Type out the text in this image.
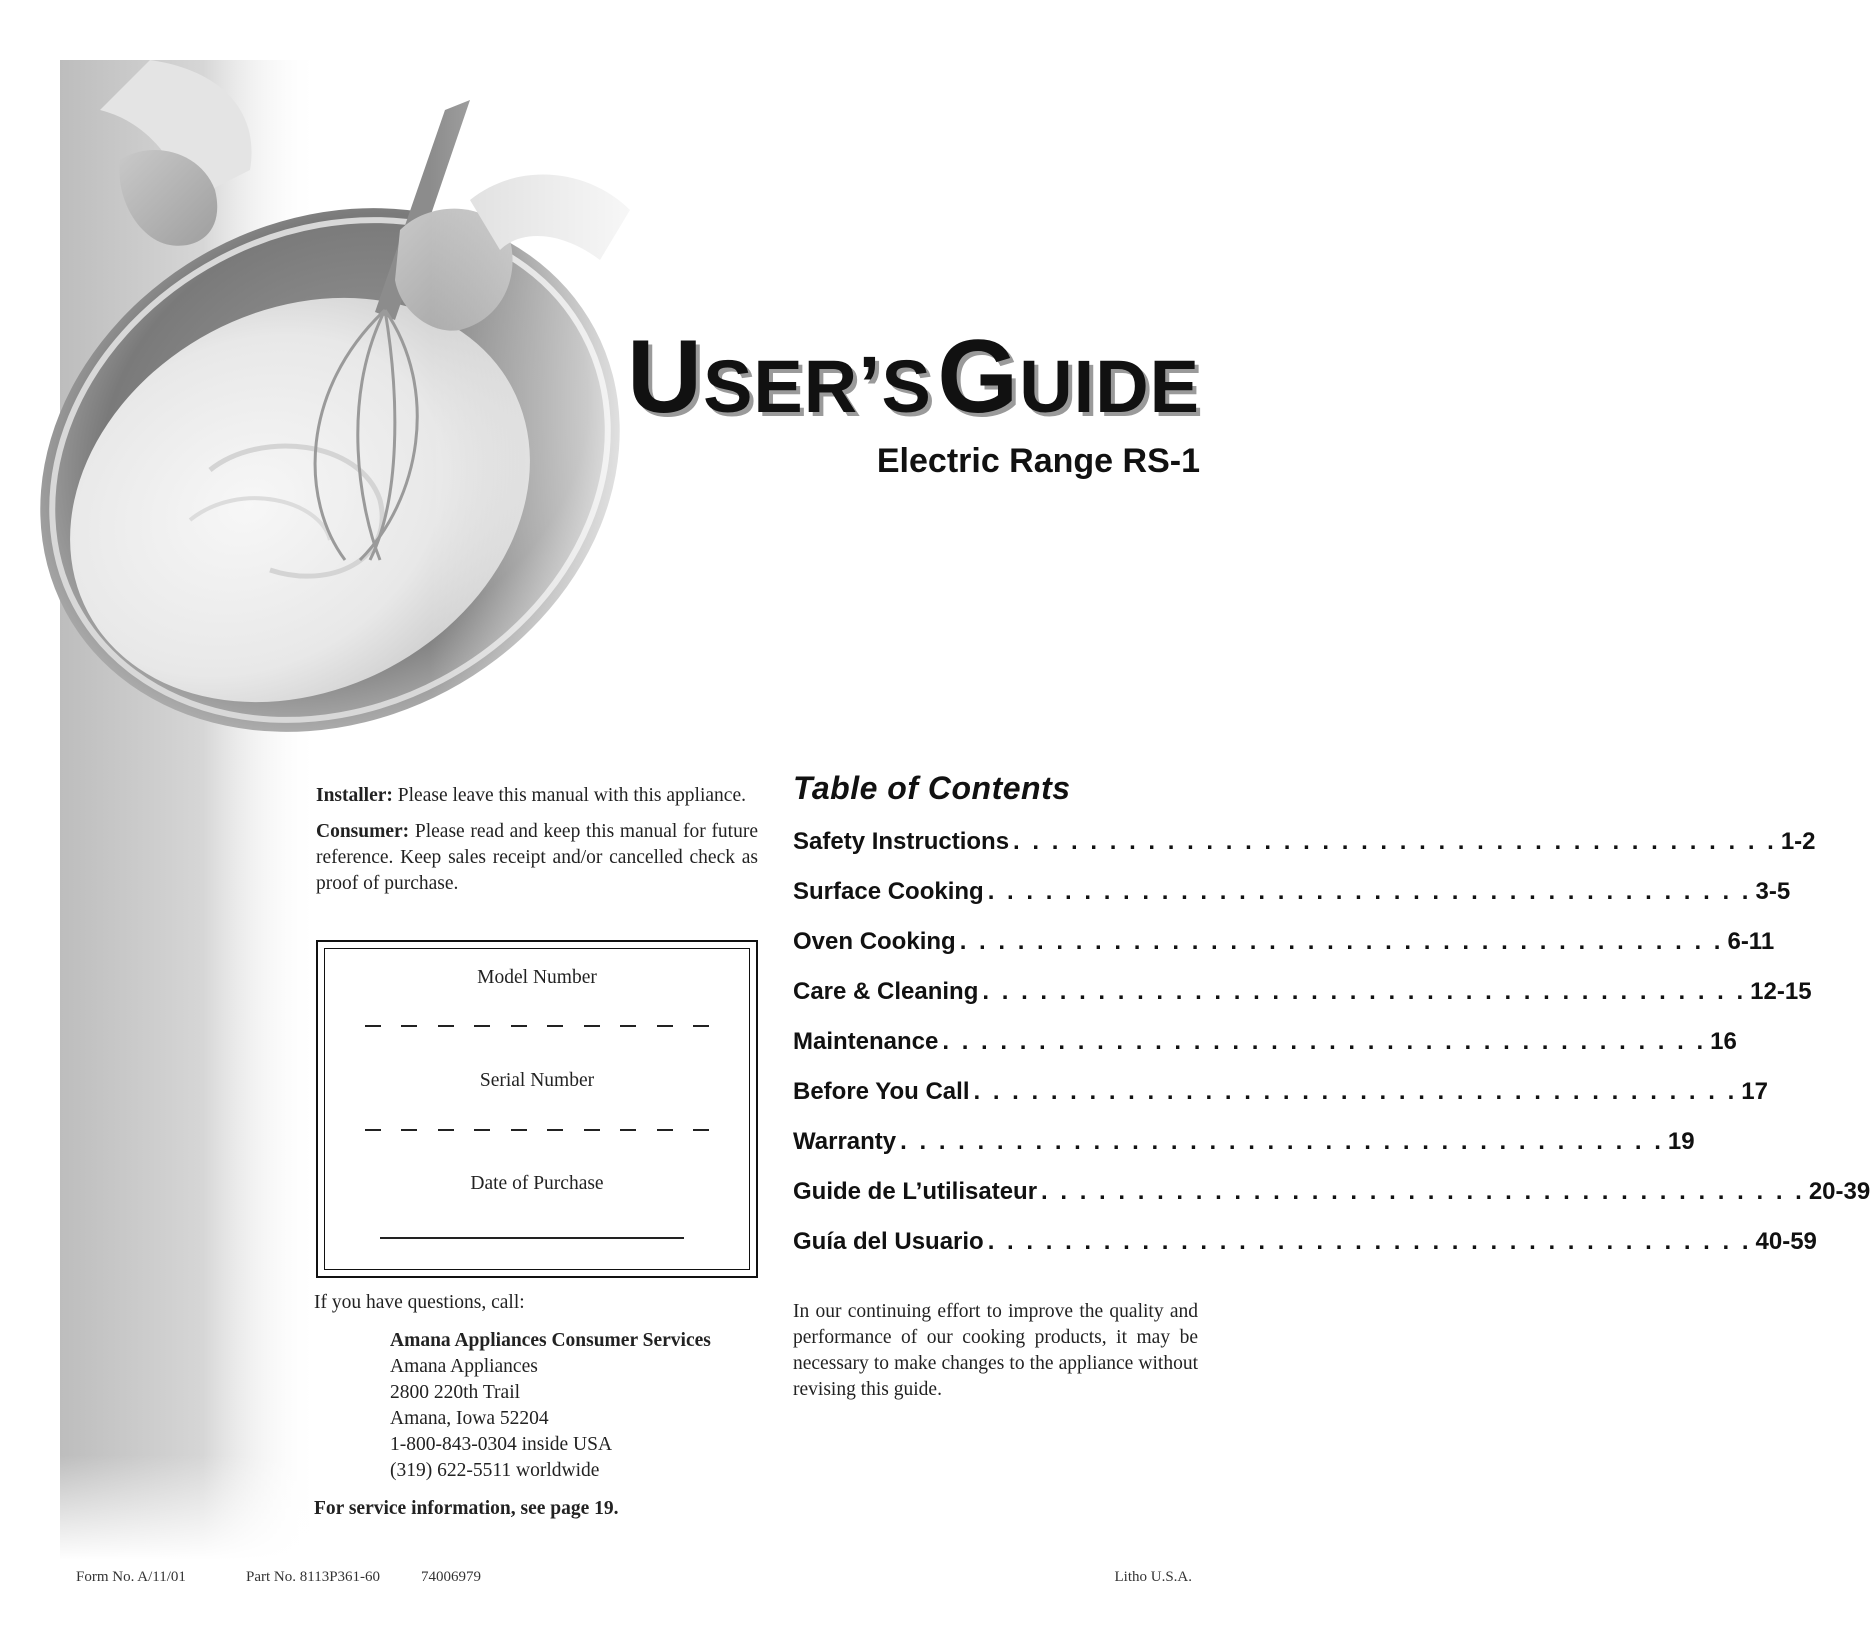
USER’S GUIDE
Electric Range RS-1

Installer: Please leave this manual with this appliance.

Consumer: Please read and keep this manual for future reference. Keep sales receipt and/or cancelled check as proof of purchase.

Model Number
Serial Number
Date of Purchase
If you have questions, call:
Amana Appliances Consumer Services
Amana Appliances
2800 220th Trail
Amana, Iowa 52204
1-800-843-0304 inside USA
(319) 622-5511 worldwide
For service information, see page 19.
Table of Contents
Safety Instructions . . . . . . . . . . . . . . . . . . . . . . . . . . . . . . . . . . . . . . . . 1-2
Surface Cooking . . . . . . . . . . . . . . . . . . . . . . . . . . . . . . . . . . . . . . . . 3-5
Oven Cooking . . . . . . . . . . . . . . . . . . . . . . . . . . . . . . . . . . . . . . . . 6-11
Care & Cleaning . . . . . . . . . . . . . . . . . . . . . . . . . . . . . . . . . . . . . . . . 12-15
Maintenance . . . . . . . . . . . . . . . . . . . . . . . . . . . . . . . . . . . . . . . . 16
Before You Call . . . . . . . . . . . . . . . . . . . . . . . . . . . . . . . . . . . . . . . . 17
Warranty . . . . . . . . . . . . . . . . . . . . . . . . . . . . . . . . . . . . . . . . 19
Guide de L’utilisateur . . . . . . . . . . . . . . . . . . . . . . . . . . . . . . . . . . . . . . . . 20-39
Guía del Usuario . . . . . . . . . . . . . . . . . . . . . . . . . . . . . . . . . . . . . . . . 40-59
In our continuing effort to improve the quality and performance of our cooking products, it may be necessary to make changes to the appliance without revising this guide.
Form No. A/11/01	Part No. 8113P361-60	74006979	Litho U.S.A.
